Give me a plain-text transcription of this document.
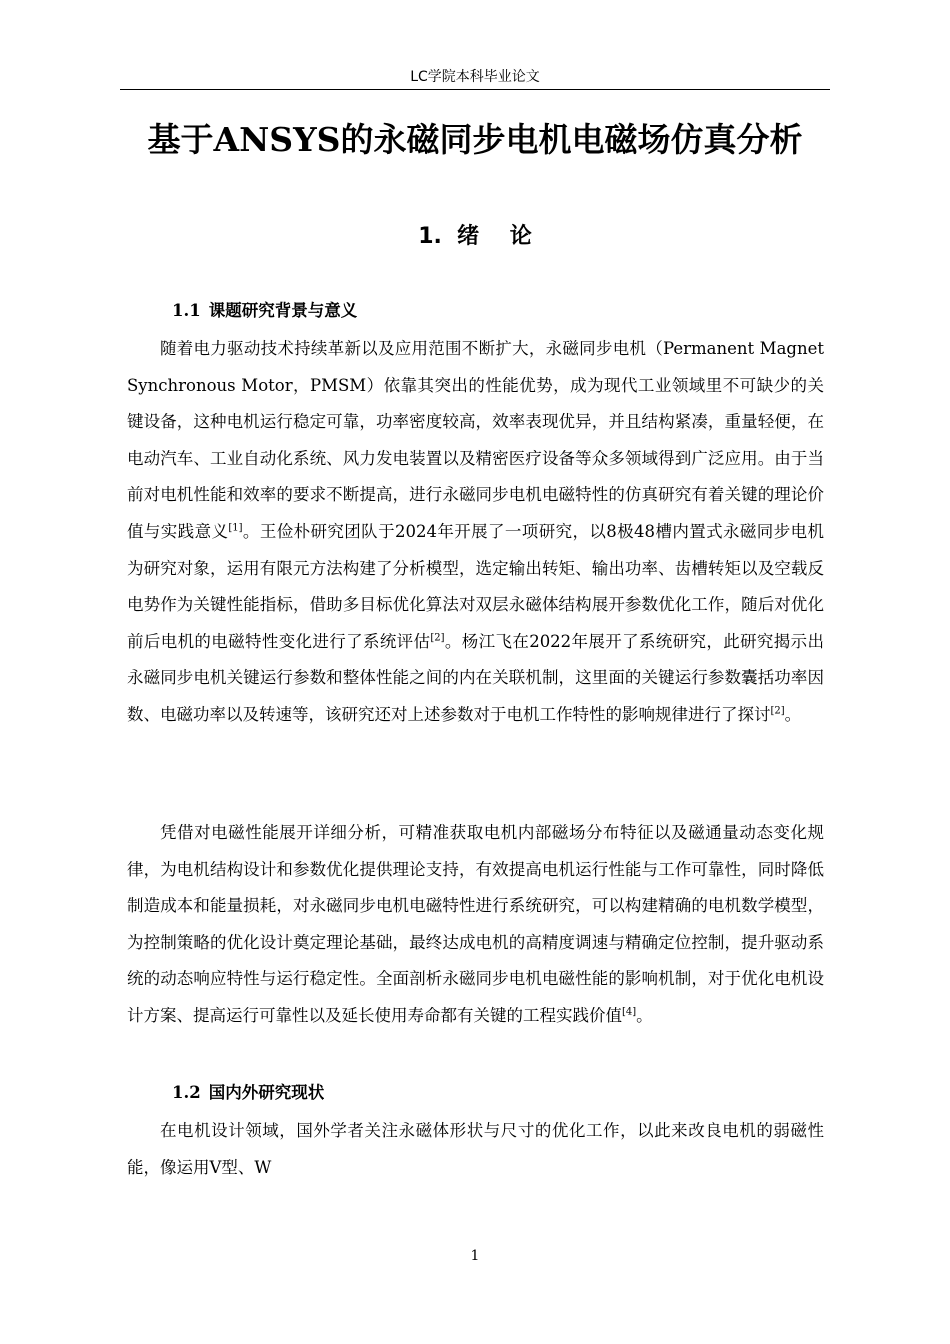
LC学院本科毕业论文
基于ANSYS的永磁同步电机电磁场仿真分析
1.  绪    论
1.1 课题研究背景与意义

随着电力驱动技术持续革新以及应用范围不断扩大，永磁同步电机（Permanent Magnet Synchronous Motor，PMSM）依靠其突出的性能优势，成为现代工业领域里不可缺少的关键设备，这种电机运行稳定可靠，功率密度较高，效率表现优异，并且结构紧凑，重量轻便，在电动汽车、工业自动化系统、风力发电装置以及精密医疗设备等众多领域得到广泛应用。由于当前对电机性能和效率的要求不断提高，进行永磁同步电机电磁特性的仿真研究有着关键的理论价值与实践意义[1]。王俭朴研究团队于2024年开展了一项研究，以8极48槽内置式永磁同步电机为研究对象，运用有限元方法构建了分析模型，选定输出转矩、输出功率、齿槽转矩以及空载反电势作为关键性能指标，借助多目标优化算法对双层永磁体结构展开参数优化工作，随后对优化前后电机的电磁特性变化进行了系统评估[2]。杨江飞在2022年展开了系统研究，此研究揭示出永磁同步电机关键运行参数和整体性能之间的内在关联机制，这里面的关键运行参数囊括功率因数、电磁功率以及转速等，该研究还对上述参数对于电机工作特性的影响规律进行了探讨[2]。

凭借对电磁性能展开详细分析，可精准获取电机内部磁场分布特征以及磁通量动态变化规律，为电机结构设计和参数优化提供理论支持，有效提高电机运行性能与工作可靠性，同时降低制造成本和能量损耗，对永磁同步电机电磁特性进行系统研究，可以构建精确的电机数学模型，为控制策略的优化设计奠定理论基础，最终达成电机的高精度调速与精确定位控制，提升驱动系统的动态响应特性与运行稳定性。全面剖析永磁同步电机电磁性能的影响机制，对于优化电机设计方案、提高运行可靠性以及延长使用寿命都有关键的工程实践价值[4]。

1.2 国内外研究现状

在电机设计领域，国外学者关注永磁体形状与尺寸的优化工作，以此来改良电机的弱磁性能，像运用V型、W

1
